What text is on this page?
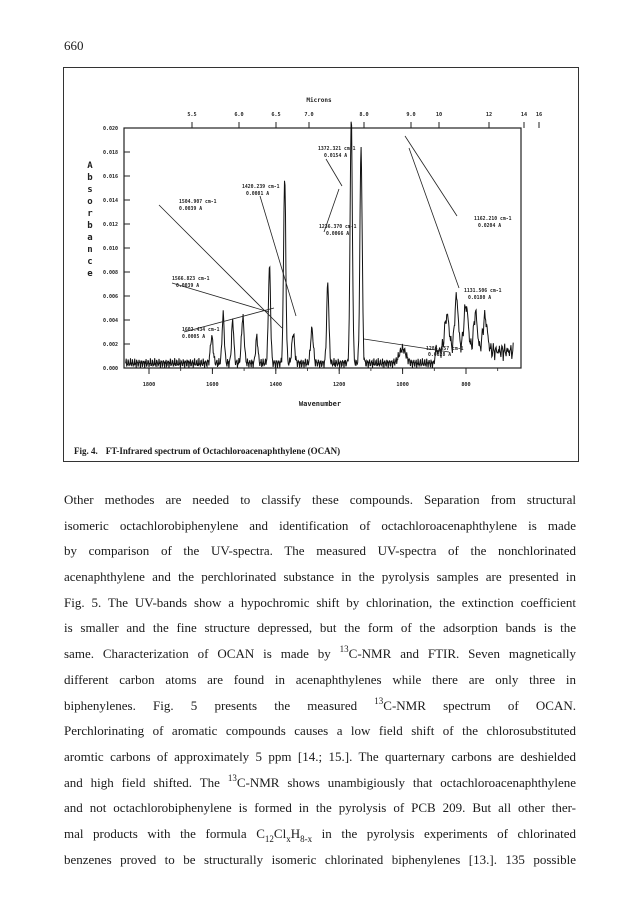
660
Microns
5.5	6.0	6.5	7.0	8.0	9.0	10	12	14 16
0.020
0.018
0.016
0.014
0.012
0.010
0.008
0.006
0.004
0.002
0.000
1800	1600	1400	1200	1000	800
A
b
s
o
r
b
a
n
c
e
Wavenumber
1372.321 cm-1
0.0154 A
1420.239 cm-1
0.0081 A
1504.907 cm-1
0.0039 A
1236.370 cm-1
0.0066 A
1162.210 cm-1
0.0204 A
1566.823 cm-1
0.0039 A
1131.506 cm-1
0.0180 A
1602.434 cm-1
0.0005 A
1286.657 cm-1
0.0028 A
Fig. 4. FT-Infrared spectrum of Octachloroacenaphthylene (OCAN)
Other methodes are needed to classify these compounds. Separation from structural
isomeric octachlorobiphenylene and identification of octachloroacenaphthylene is made
by comparison of the UV-spectra. The measured UV-spectra of the nonchlorinated
acenaphthylene and the perchlorinated substance in the pyrolysis samples are presented in
Fig. 5. The UV-bands show a hypochromic shift by chlorination, the extinction coefficient
is smaller and the fine structure depressed, but the form of the adsorption bands is the
same. Characterization of OCAN is made by $^{13}$C-NMR and FTIR. Seven magnetically
different carbon atoms are found in acenaphthylenes while there are only three in
biphenylenes. Fig. 5 presents the measured $^{13}$C-NMR spectrum of OCAN.
Perchlorinating of aromatic compounds causes a low field shift of the chlorosubstituted
aromtic carbons of approximately 5 ppm [14.; 15.]. The quarternary carbons are deshielded
and high field shifted. The $^{13}$C-NMR shows unambigiously that octachloroacenaphthylene
and not octachlorobiphenylene is formed in the pyrolysis of PCB 209. But all other ther-
mal products with the formula $C_{12}Cl_xH_{8-x}$ in the pyrolysis experiments of chlorinated
benzenes proved to be structurally isomeric chlorinated biphenylenes [13.]. 135 possible
